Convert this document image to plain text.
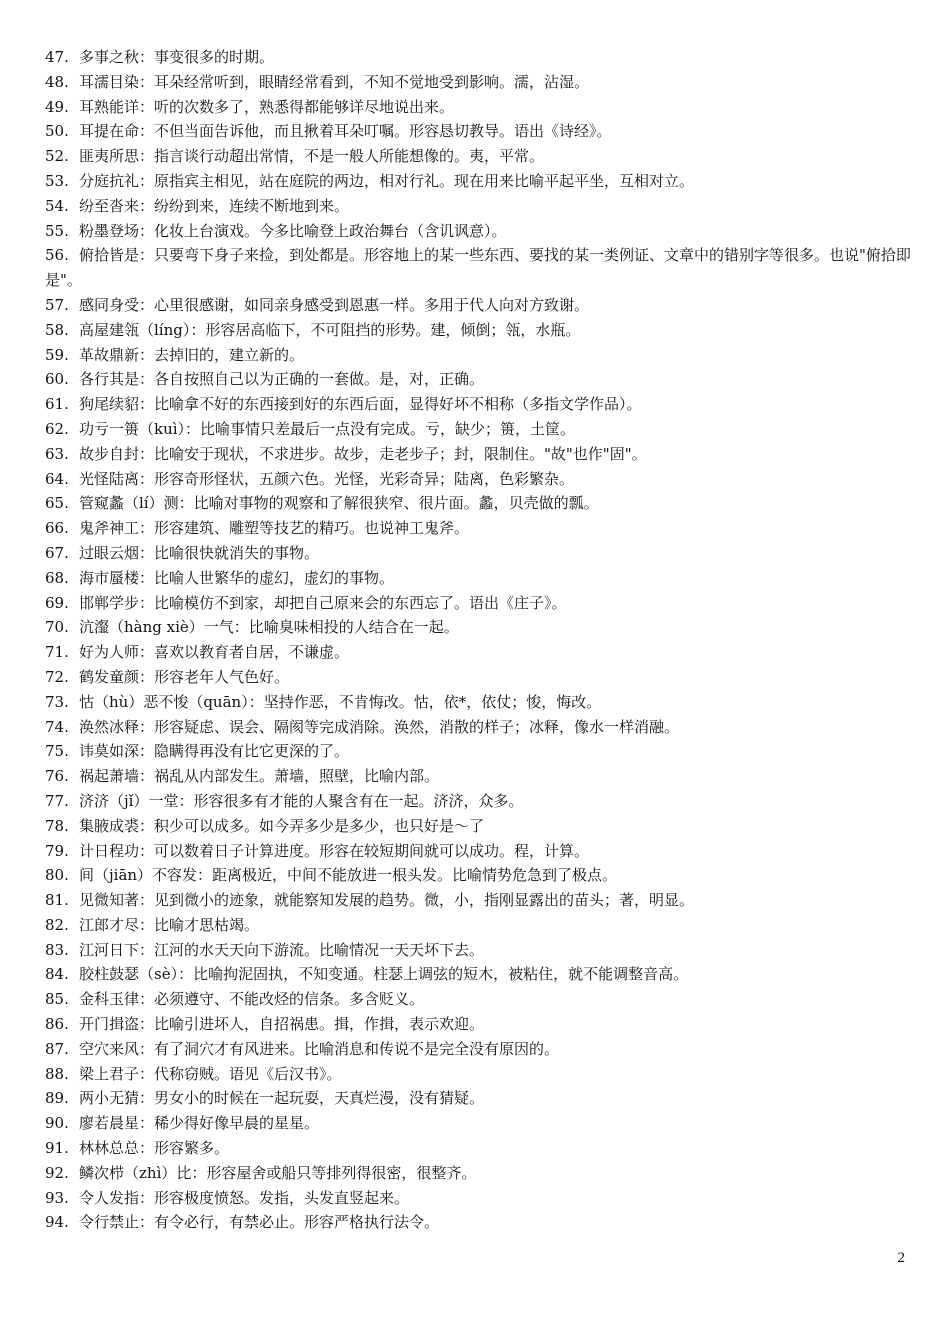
47. 多事之秋：事变很多的时期。
48. 耳濡目染：耳朵经常听到，眼睛经常看到，不知不觉地受到影响。濡，沾湿。
49. 耳熟能详：听的次数多了，熟悉得都能够详尽地说出来。
50. 耳提在命：不但当面告诉他，而且揪着耳朵叮嘱。形容恳切教导。语出《诗经》。
52. 匪夷所思：指言谈行动超出常情，不是一般人所能想像的。夷，平常。
53. 分庭抗礼：原指宾主相见，站在庭院的两边，相对行礼。现在用来比喻平起平坐，互相对立。
54. 纷至沓来：纷纷到来，连续不断地到来。
55. 粉墨登场：化妆上台演戏。今多比喻登上政治舞台（含讥讽意）。
56. 俯拾皆是：只要弯下身子来捡，到处都是。形容地上的某一些东西、要找的某一类例证、文章中的错别字等很多。也说"俯拾即是"。
57. 感同身受：心里很感谢，如同亲身感受到恩惠一样。多用于代人向对方致谢。
58. 高屋建瓴（líng）：形容居高临下，不可阻挡的形势。建，倾倒；瓴，水瓶。
59. 革故鼎新：去掉旧的，建立新的。
60. 各行其是：各自按照自己以为正确的一套做。是，对，正确。
61. 狗尾续貂：比喻拿不好的东西接到好的东西后面，显得好坏不相称（多指文学作品）。
62. 功亏一篑（kuì）：比喻事情只差最后一点没有完成。亏，缺少；篑，土筐。
63. 故步自封：比喻安于现状，不求进步。故步，走老步子；封，限制住。"故"也作"固"。
64. 光怪陆离：形容奇形怪状，五颜六色。光怪，光彩奇异；陆离，色彩繁杂。
65. 管窥蠡（lí）测：比喻对事物的观察和了解很狭窄、很片面。蠡，贝壳做的瓢。
66. 鬼斧神工：形容建筑、雕塑等技艺的精巧。也说神工鬼斧。
67. 过眼云烟：比喻很快就消失的事物。
68. 海市蜃楼：比喻人世繁华的虚幻，虚幻的事物。
69. 邯郸学步：比喻模仿不到家，却把自己原来会的东西忘了。语出《庄子》。
70. 沆瀣（hàng xiè）一气：比喻臭味相投的人结合在一起。
71. 好为人师：喜欢以教育者自居，不谦虚。
72. 鹤发童颜：形容老年人气色好。
73. 怙（hù）恶不悛（quān）：坚持作恶，不肯悔改。怙，依*，依仗；悛，悔改。
74. 涣然冰释：形容疑虑、误会、隔阂等完成消除。涣然，消散的样子；冰释，像水一样消融。
75. 讳莫如深：隐瞒得再没有比它更深的了。
76. 祸起萧墙：祸乱从内部发生。萧墙，照壁，比喻内部。
77. 济济（jǐ）一堂：形容很多有才能的人聚含有在一起。济济，众多。
78. 集腋成裘：积少可以成多。如今弄多少是多少，也只好是～了
79. 计日程功：可以数着日子计算进度。形容在较短期间就可以成功。程，计算。
80. 间（jiān）不容发：距离极近，中间不能放进一根头发。比喻情势危急到了极点。
81. 见微知著：见到微小的迹象，就能察知发展的趋势。微，小，指刚显露出的苗头；著，明显。
82. 江郎才尽：比喻才思枯竭。
83. 江河日下：江河的水天天向下游流。比喻情况一天天坏下去。
84. 胶柱鼓瑟（sè）：比喻拘泥固执，不知变通。柱瑟上调弦的短木，被粘住，就不能调整音高。
85. 金科玉律：必须遵守、不能改烃的信条。多含贬义。
86. 开门揖盗：比喻引进坏人，自招祸患。揖，作揖，表示欢迎。
87. 空穴来风：有了洞穴才有风进来。比喻消息和传说不是完全没有原因的。
88. 梁上君子：代称窃贼。语见《后汉书》。
89. 两小无猜：男女小的时候在一起玩耍，天真烂漫，没有猜疑。
90. 廖若晨星：稀少得好像早晨的星星。
91. 林林总总：形容繁多。
92. 鳞次栉（zhì）比：形容屋舍或船只等排列得很密，很整齐。
93. 令人发指：形容极度愤怒。发指，头发直竖起来。
94. 令行禁止：有令必行，有禁必止。形容严格执行法令。
2
